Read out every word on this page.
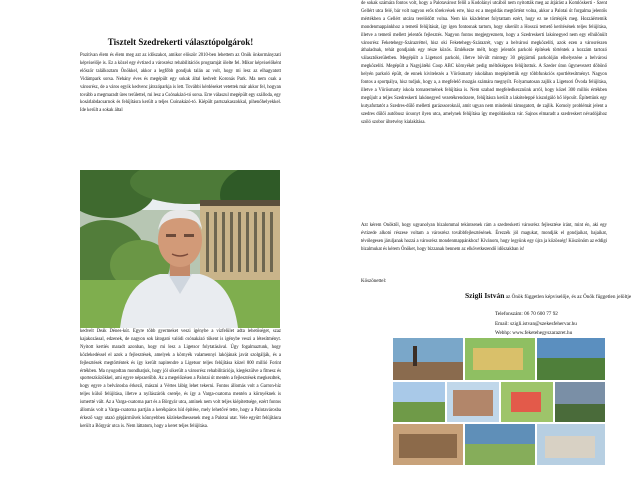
Tisztelt Szedrekerti választópolgárok!

Pozitívan élem és élem meg azt az időszakot, amikor először 2010-ben lehettem az Önök önkormányzati képviselője is. Ez a közel egy évtized a városrész rehabilitációs programját ölelte fel. Mikor képviselőként először találkoztam Önökkel, akkor a legfőbb gondjuk talán az volt, hogy mi lesz az elhagyatott Vidámpark sorsa. Nehány éves és megépült egy sokak által kedvelt Koronás Park. Ma nem csak a városrész, de a város egyik kedvenc játszóparkja is lett. További kérdéseket vetettek már akkor fel, hogyan tovább a megmaradt üres területtel, mi lesz a Csónakázó-tó sorsa. Erre válaszul megépült egy szálloda, egy kosárlabdacsarnok és felújításra került a teljes Csónakázó-tó. Kiépült partszakaszokkal, pihenőhelyekkel. Ide került a sokak által

kedvelt Deák Dénes-kút. Egyre több gyermeket veszi igénybe a vízfelület adta lehetőséget, szaz kajakozással, edzenek, de nagyon sok látogató valódi csónakázó tökent is igénybe veszi a létesítményt. Nyitott kertiés maradt azonban, hogy mi lesz a Ligetsor folytatásával. Úgy fogalmaztunk, hogy közlekedéssel el azok a fejlesztések, amelyek a környék valamennyi lakójának javát szolgálják, és a fejlesztések megtörténtek és így került napirendre a Ligetsor teljes felújítása közel 800 millió Forint értékben. Ma nyugodtan mondhatjuk, hogy jól sikerült a városrész rehabilitációja, kiegészülve a fitnesz és sporteszközökkel, ami egyre népszerűbb. Az a megelőzésen a Palotai út mentén a fejlesztések megkezdtek, hogy egyre a belvárosba érkező, mászni a Vértes lábig lehet tekerni. Fontos állomás volt a Garron-híz teljes külső felújítása, illetve a nyílászárók cseréje, és így a Varga-csatorna mentén a környéknek is ismertté vált. Az a Varga-csatorna part és a Börgyár utca, aminek nem volt teljes kiépítettsége, ezért fontos állomás volt a Varga-csatorna partján a kerékpáros híd építése, mely lehetővé tette, hogy a Palotavárosba érkező vagy utazó gépjárművek könnyebben közlekedhessenek meg a Palotai utat. Vele együtt felújításra került a Börgyár utca is. Nem láttatom, hogy a keret teljes felújítása.

de sokak számára fontos volt, hogy a Palotavárost felől a Kodolányi utcából nem nyitották meg az átjárást a Komlóskerti - Szent Gellért utca felé, bár volt nagyon erős törekvések erre, hisz ez a megoldás megtörtént volna, akkor a Palotai út forgalma jelentős mértékben a Gellért utcára terelődött volna. Nem kis küzdelmet folytattam ezért, hogy ez ne történjék meg. Hozzáértemik mondenmappánkhoz a temető felújítását, így igen fontosnak tartom, hogy sikerült a Hosszú temető kerítésének teljes felújítása, illetve a temető mellett jelentős fejlesztés. Nagyon fontos megjegyeznem, hogy a Szedreskerti lakónegyed nem egy elhúlönült városrész Feketehegy-Szárazréttel, hisz oki Feketehegy-Szárazrét, vagy a belvárosi megközelíti, azok ezen a városrészen áthaladnak, tehát gondjaink egy része közös. Emlékezte mélt, hogy jelentős parkoló építések történtek a hozzám tartozó választókerületben. Megépült a Ligetsori parkoló, illetve bővült mintegy 30 gépjármű parkolóján elhelyezése a belvárosi megközelíti. Megépült a Nagyjátéki Coop ABC környékét pedig méltóképpen felújítottuk. A Szeder úton ügynevezett döbönő helyén parkoló épült, de ennek kivitelezés a Vörösmarty iskolában megépítettük egy többfunkciós sportlétesítményt. Nagyon fontos a sportpálya, hisz tudjuk, hogy a, a megfelelő mozgás számára megnyílt. Folyamatosan zajlik a Ligetsori Óvoda felújítása, illetve a Vörösmarty iskola tornatermének felújítása is. Nem szabad megfeledkezznünk arról, hogy közel 300 millós értékben megújult a teljes Szedreskerti lakónegyed vezetékrendszere, felújításra került a lakóteleppé kiszolgáló hő lépcsőt. Építettünk egy kutyafuttatót a Szedres-dűlő melletti garázssoroknál, amit ugyan nem mindenki támogatott, de zajlik. Komoly problémát jelent a szedres dűlői autóbusz úcsonyt ilyen utca, amelynek felújítása így megoldásokra vár. Sajnos elmaradt a szedreskert névadójához szóló szobor ültetvény kialakítása.

Azt kérem Önöktől, hogy ugyanolyan bizalommal tekintsenek rám a szedreskerti városrész fejlesztése iránt, mint én, aki egy évtizede alkotó részese voltam a városrész továbbfejlesztésének. Érezzék jól magukat, mondják el gondjaikat, bajaikat, tévólegesen járuljanak hozzá a városrész mondenmappánkhoz! Kívánom, hogy legyünk egy újra ja közösség! Köszönöm az eddigi bizalmukat és kérem Önöket, hogy bizzanak bennem az elkövetkezendő időszakban is!

Köszönettel:

Szigli István az Önök független képviselője, és az Önök független jelöltje
Telefonszám: 06 70 600 77 92
Email: szigli.istvan@szekesfehervar.hu
Webhp: www.feketehegyszarazret.hu
